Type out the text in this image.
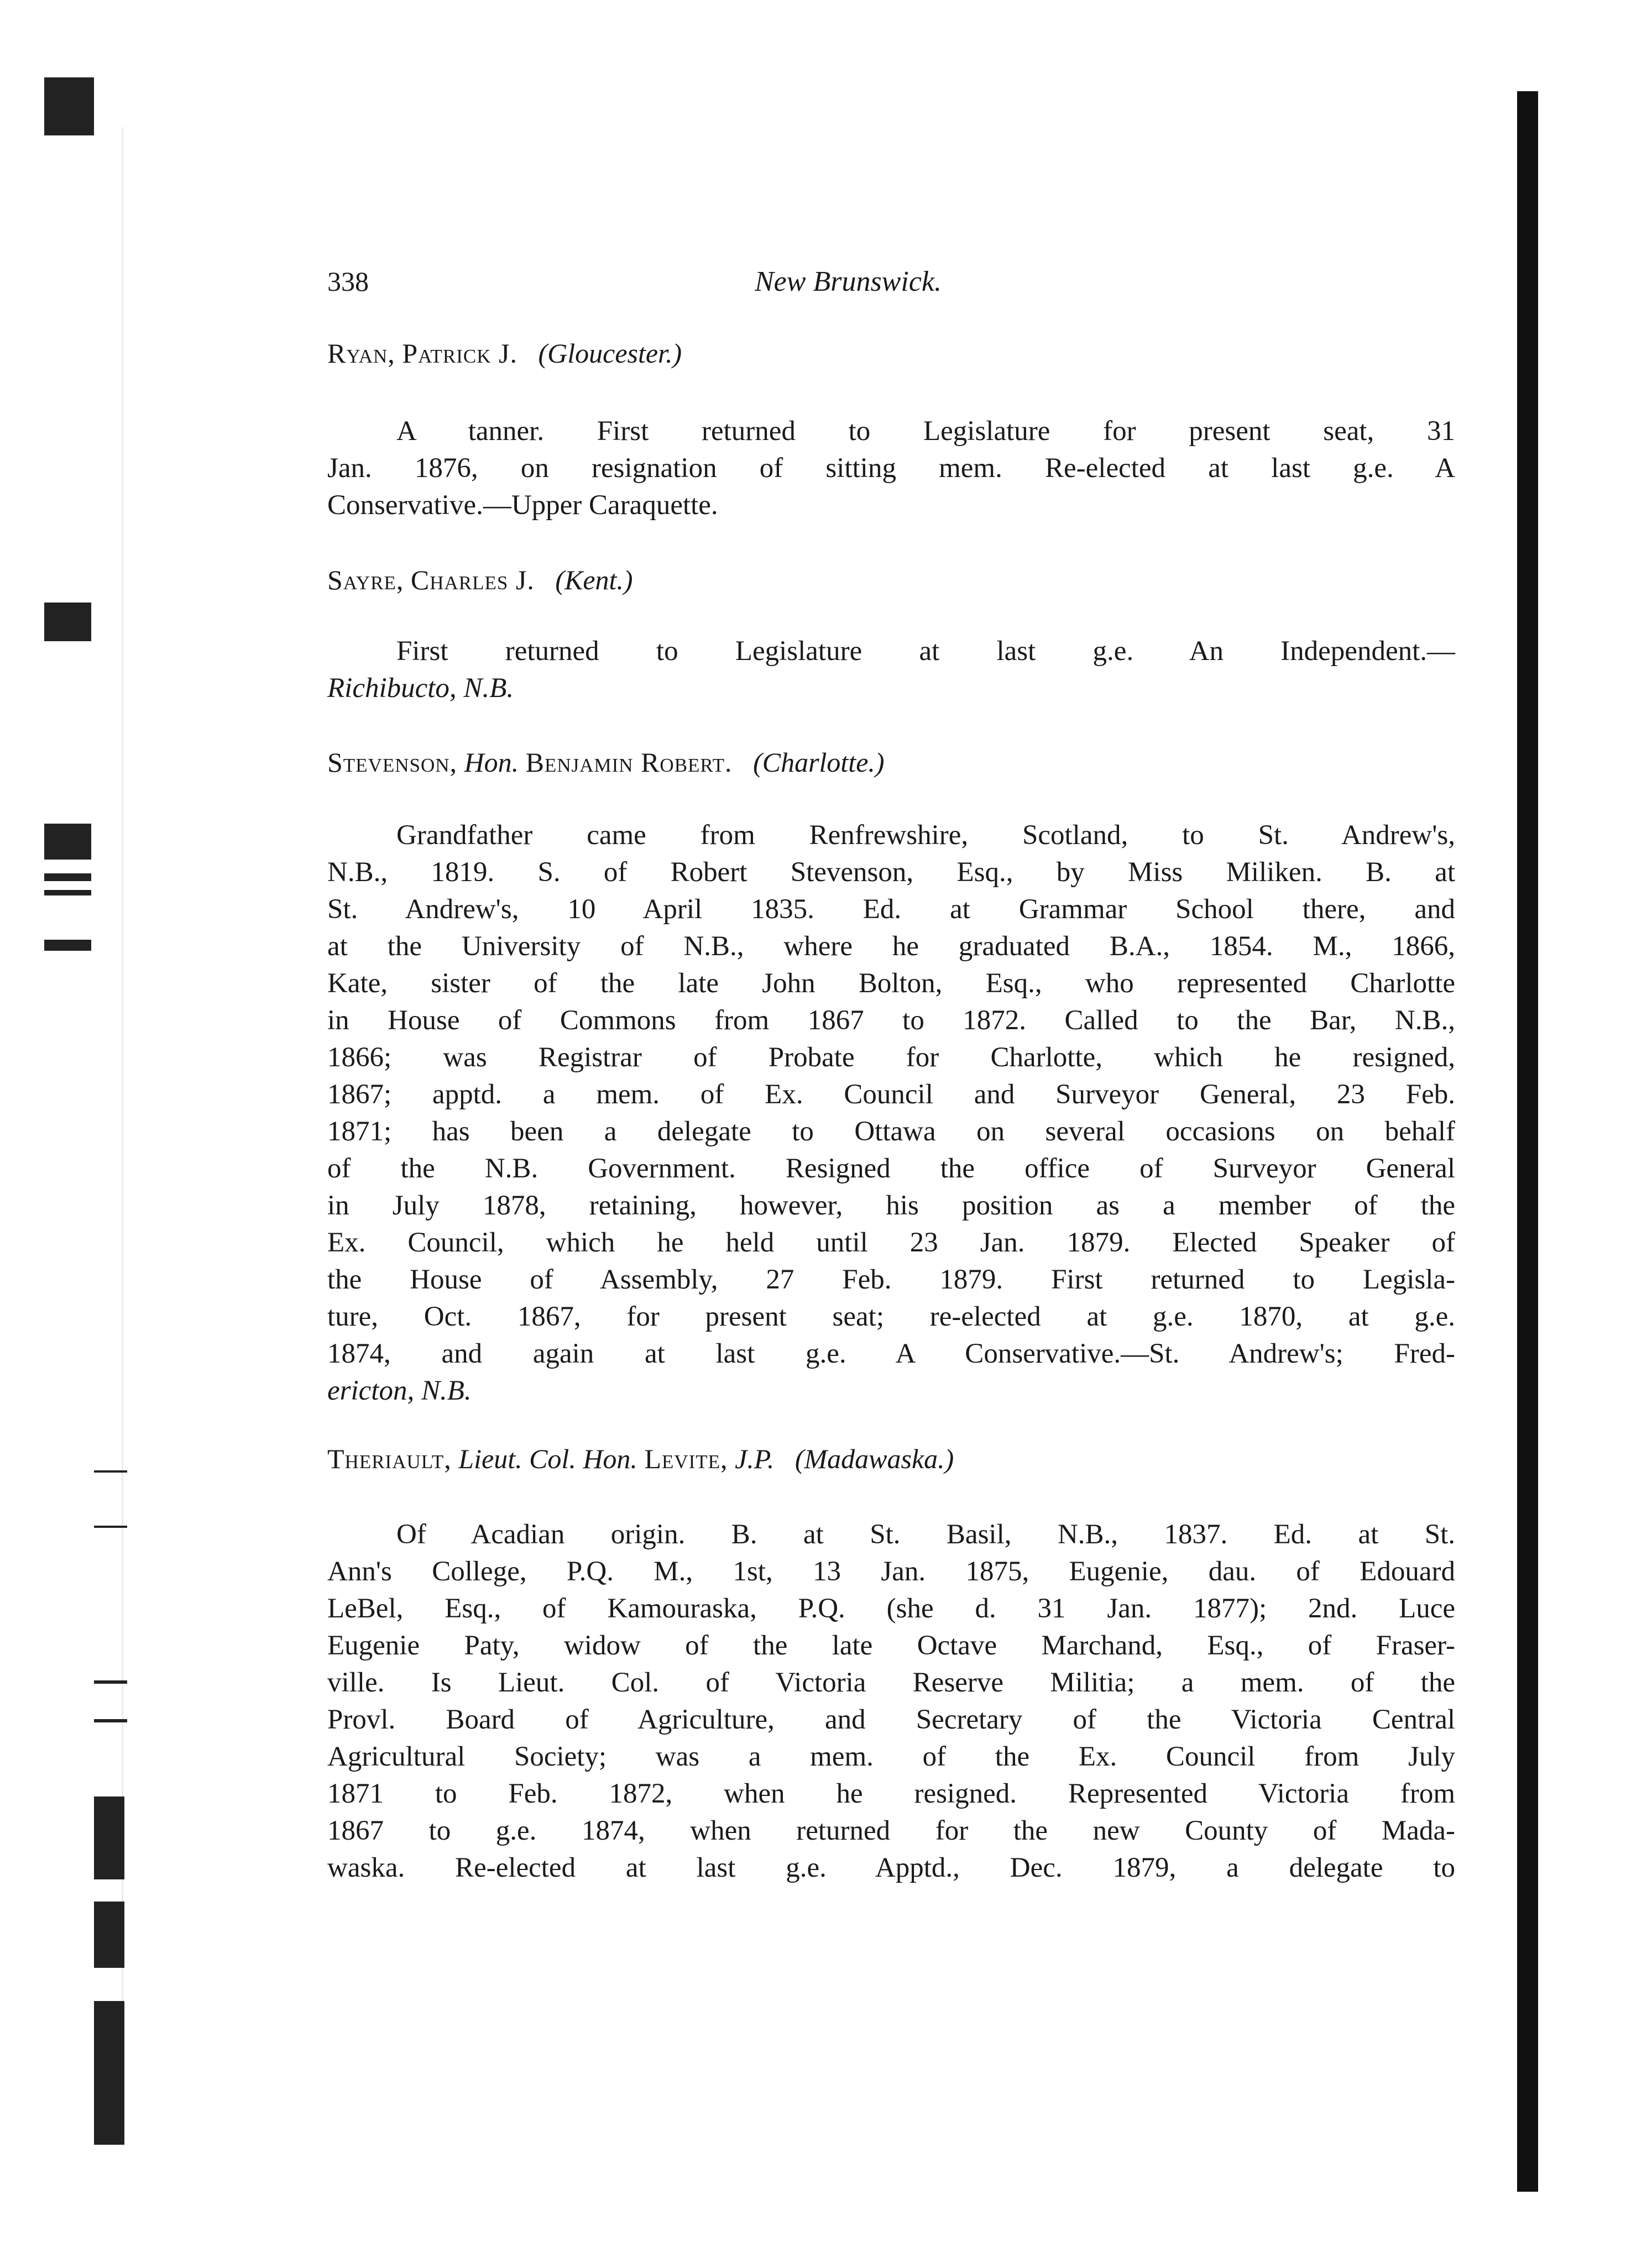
338	New Brunswick.
Ryan, Patrick J. (Gloucester.)
A tanner. First returned to Legislature for present seat, 31
Jan. 1876, on resignation of sitting mem. Re-elected at last g.e. A
Conservative.—Upper Caraquette.
Sayre, Charles J. (Kent.)
First returned to Legislature at last g.e. An Independent.—
Richibucto, N.B.
Stevenson, Hon. Benjamin Robert. (Charlotte.)
Grandfather came from Renfrewshire, Scotland, to St. Andrew's,
N.B., 1819. S. of Robert Stevenson, Esq., by Miss Miliken. B. at
St. Andrew's, 10 April 1835. Ed. at Grammar School there, and
at the University of N.B., where he graduated B.A., 1854. M., 1866,
Kate, sister of the late John Bolton, Esq., who represented Charlotte
in House of Commons from 1867 to 1872. Called to the Bar, N.B.,
1866; was Registrar of Probate for Charlotte, which he resigned,
1867; apptd. a mem. of Ex. Council and Surveyor General, 23 Feb.
1871; has been a delegate to Ottawa on several occasions on behalf
of the N.B. Government. Resigned the office of Surveyor General
in July 1878, retaining, however, his position as a member of the
Ex. Council, which he held until 23 Jan. 1879. Elected Speaker of
the House of Assembly, 27 Feb. 1879. First returned to Legisla-
ture, Oct. 1867, for present seat; re-elected at g.e. 1870, at g.e.
1874, and again at last g.e. A Conservative.—St. Andrew's; Fred-
ericton, N.B.
Theriault, Lieut. Col. Hon. Levite, J.P. (Madawaska.)
Of Acadian origin. B. at St. Basil, N.B., 1837. Ed. at St.
Ann's College, P.Q. M., 1st, 13 Jan. 1875, Eugenie, dau. of Edouard
LeBel, Esq., of Kamouraska, P.Q. (she d. 31 Jan. 1877); 2nd. Luce
Eugenie Paty, widow of the late Octave Marchand, Esq., of Fraser-
ville. Is Lieut. Col. of Victoria Reserve Militia; a mem. of the
Provl. Board of Agriculture, and Secretary of the Victoria Central
Agricultural Society; was a mem. of the Ex. Council from July
1871 to Feb. 1872, when he resigned. Represented Victoria from
1867 to g.e. 1874, when returned for the new County of Mada-
waska. Re-elected at last g.e. Apptd., Dec. 1879, a delegate to
